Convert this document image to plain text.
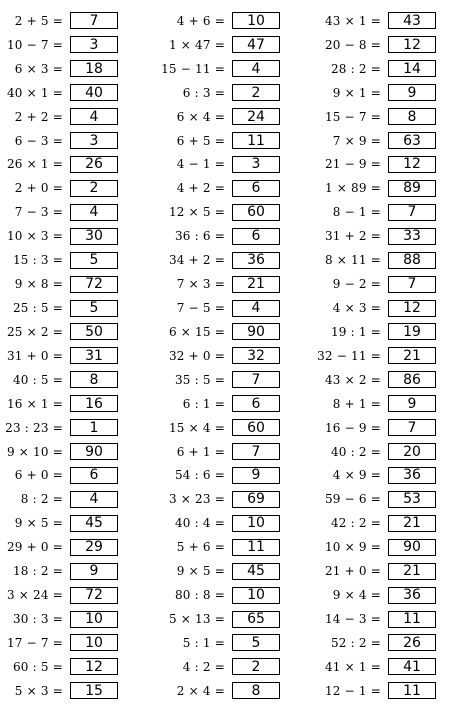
2 + 5 =	7
10 − 7 =	3
6 × 3 =	18
40 × 1 =	40
2 + 2 =	4
6 − 3 =	3
26 × 1 =	26
2 + 0 =	2
7 − 3 =	4
10 × 3 =	30
15 : 3 =	5
9 × 8 =	72
25 : 5 =	5
25 × 2 =	50
31 + 0 =	31
40 : 5 =	8
16 × 1 =	16
23 : 23 =	1
9 × 10 =	90
6 + 0 =	6
8 : 2 =	4
9 × 5 =	45
29 + 0 =	29
18 : 2 =	9
3 × 24 =	72
30 : 3 =	10
17 − 7 =	10
60 : 5 =	12
5 × 3 =	15
4 + 6 =	10
1 × 47 =	47
15 − 11 =	4
6 : 3 =	2
6 × 4 =	24
6 + 5 =	11
4 − 1 =	3
4 + 2 =	6
12 × 5 =	60
36 : 6 =	6
34 + 2 =	36
7 × 3 =	21
7 − 5 =	4
6 × 15 =	90
32 + 0 =	32
35 : 5 =	7
6 : 1 =	6
15 × 4 =	60
6 + 1 =	7
54 : 6 =	9
3 × 23 =	69
40 : 4 =	10
5 + 6 =	11
9 × 5 =	45
80 : 8 =	10
5 × 13 =	65
5 : 1 =	5
4 : 2 =	2
2 × 4 =	8
43 × 1 =	43
20 − 8 =	12
28 : 2 =	14
9 × 1 =	9
15 − 7 =	8
7 × 9 =	63
21 − 9 =	12
1 × 89 =	89
8 − 1 =	7
31 + 2 =	33
8 × 11 =	88
9 − 2 =	7
4 × 3 =	12
19 : 1 =	19
32 − 11 =	21
43 × 2 =	86
8 + 1 =	9
16 − 9 =	7
40 : 2 =	20
4 × 9 =	36
59 − 6 =	53
42 : 2 =	21
10 × 9 =	90
21 + 0 =	21
9 × 4 =	36
14 − 3 =	11
52 : 2 =	26
41 × 1 =	41
12 − 1 =	11
